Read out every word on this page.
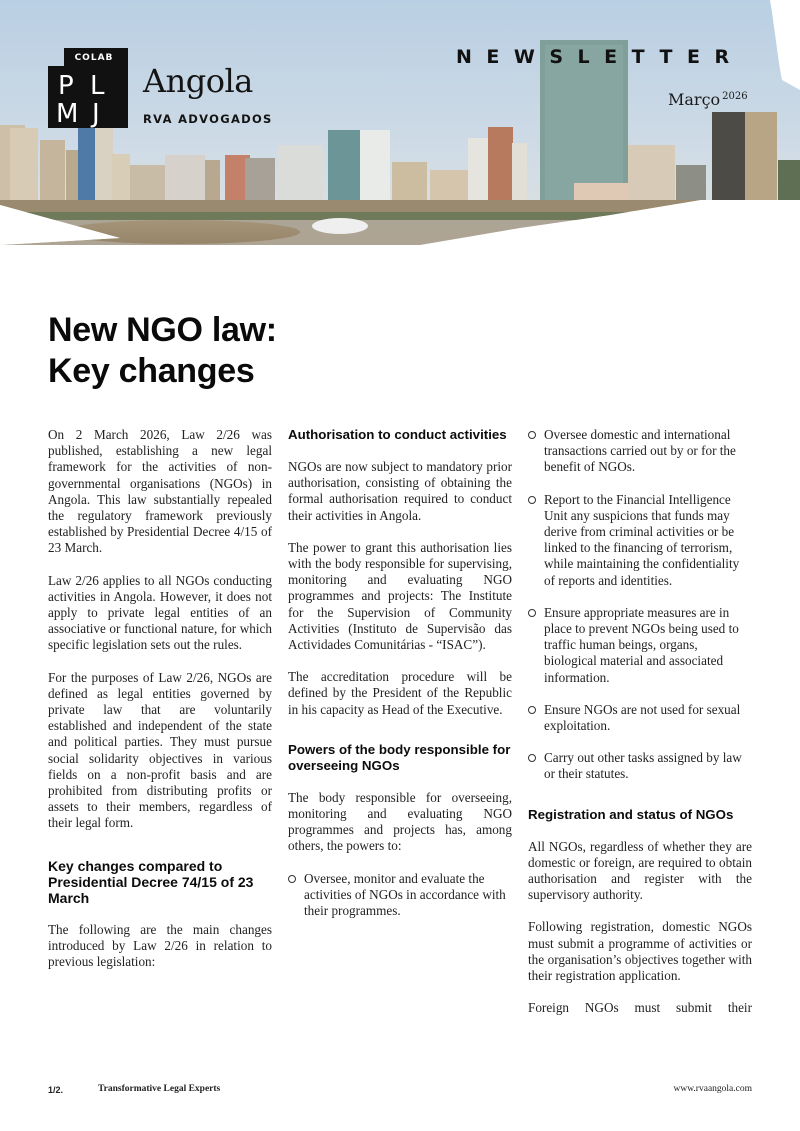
COLAB
P L
M J
Angola
RVA ADVOGADOS
NEWSLETTER
Março $^{2026}$
New NGO law:
Key changes

On 2 March 2026, Law 2/26 was published, establishing a new legal framework for the activities of non-governmental organisations (NGOs) in Angola. This law substantially repealed the regulatory framework previously established by Presidential Decree 4/15 of 23 March.

Law 2/26 applies to all NGOs conducting activities in Angola. However, it does not apply to private legal entities of an associative or functional nature, for which specific legislation sets out the rules.

For the purposes of Law 2/26, NGOs are defined as legal entities governed by private law that are voluntarily established and independent of the state and political parties. They must pursue social solidarity objectives in various fields on a non-profit basis and are prohibited from distributing profits or assets to their members, regardless of their legal form.

Key changes compared to Presidential Decree 74/15 of 23 March

The following are the main changes introduced by Law 2/26 in relation to previous legislation:

Authorisation to conduct activities

NGOs are now subject to mandatory prior authorisation, consisting of obtaining the formal authorisation required to conduct their activities in Angola.

The power to grant this authorisation lies with the body responsible for supervising, monitoring and evaluating NGO programmes and projects: The Institute for the Supervision of Community Activities (Instituto de Supervisão das Actividades Comunitárias - “ISAC”).

The accreditation procedure will be defined by the President of the Republic in his capacity as Head of the Executive.

Powers of the body responsible for overseeing NGOs

The body responsible for overseeing, monitoring and evaluating NGO programmes and projects has, among others, the powers to:

Oversee, monitor and evaluate the activities of NGOs in accordance with their programmes.
Oversee domestic and international transactions carried out by or for the benefit of NGOs.
Report to the Financial Intelligence Unit any suspicions that funds may derive from criminal activities or be linked to the financing of terrorism, while maintaining the confidentiality of reports and identities.
Ensure appropriate measures are in place to prevent NGOs being used to traffic human beings, organs, biological material and associated information.
Ensure NGOs are not used for sexual exploitation.
Carry out other tasks assigned by law or their statutes.
Registration and status of NGOs

All NGOs, regardless of whether they are domestic or foreign, are required to obtain authorisation and register with the supervisory authority.

Following registration, domestic NGOs must submit a programme of activities or the organisation’s objectives together with their registration application.

Foreign NGOs must submit their

1/2.	Transformative Legal Experts	www.rvaangola.com
